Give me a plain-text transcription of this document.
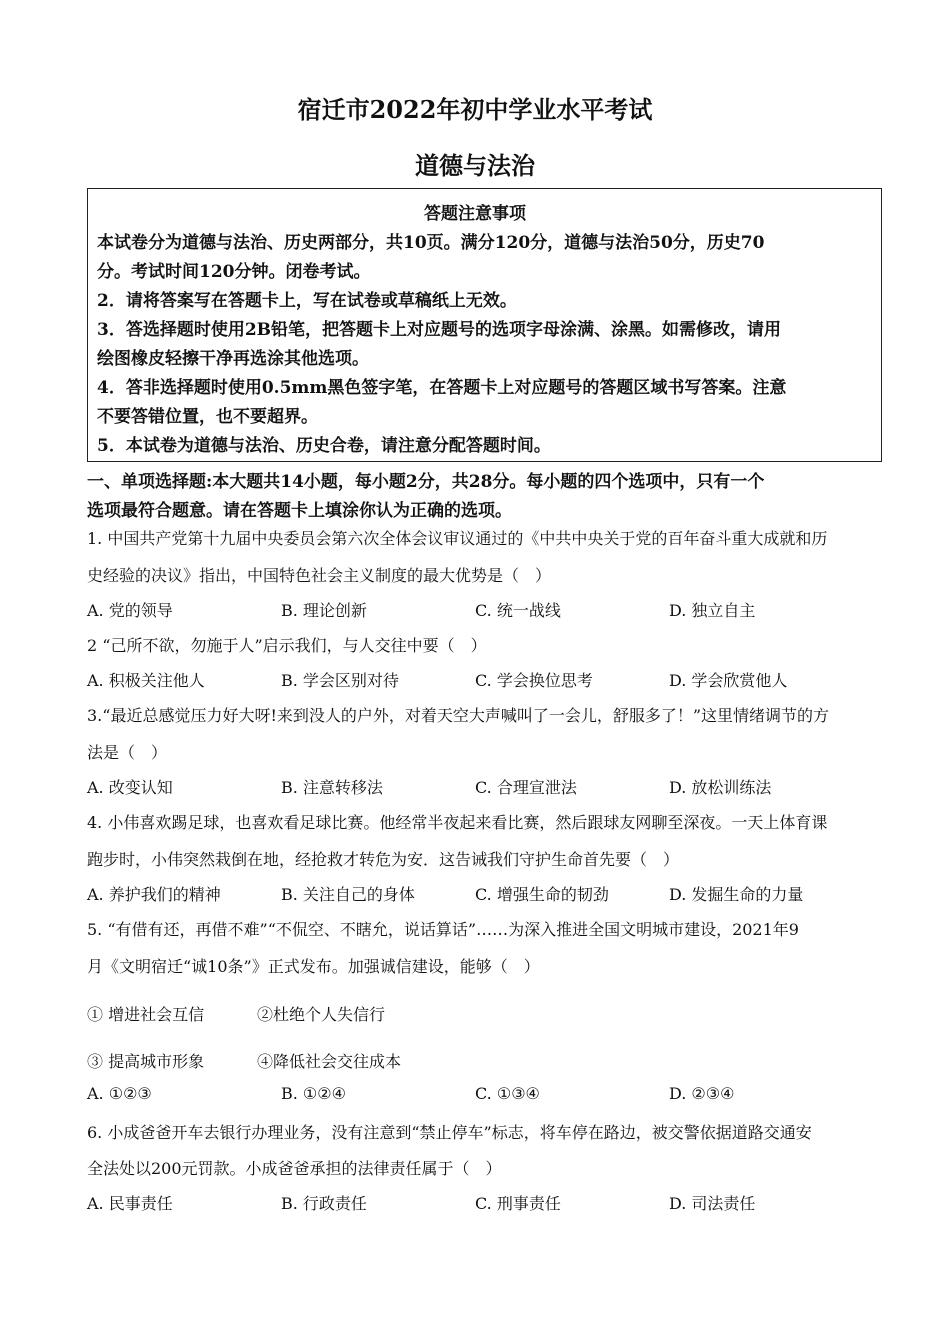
宿迁市2022年初中学业水平考试
道德与法治
答题注意事项
本试卷分为道德与法治、历史两部分，共10页。满分120分，道德与法治50分，历史70
分。考试时间120分钟。闭卷考试。
2．请将答案写在答题卡上，写在试卷或草稿纸上无效。
3．答选择题时使用2B铅笔，把答题卡上对应题号的选项字母涂满、涂黑。如需修改，请用
绘图橡皮轻擦干净再选涂其他选项。
4．答非选择题时使用0.5mm黑色签字笔，在答题卡上对应题号的答题区域书写答案。注意
不要答错位置，也不要超界。
5．本试卷为道德与法治、历史合卷，请注意分配答题时间。
一、单项选择题:本大题共14小题，每小题2分，共28分。每小题的四个选项中，只有一个
选项最符合题意。请在答题卡上填涂你认为正确的选项。
1. 中国共产党第十九届中央委员会第六次全体会议审议通过的《中共中央关于党的百年奋斗重大成就和历
史经验的决议》指出，中国特色社会主义制度的最大优势是（　）
A. 党的领导	B. 理论创新	C. 统一战线	D. 独立自主
2 “己所不欲，勿施于人”启示我们，与人交往中要（　）
A. 积极关注他人	B. 学会区别对待	C. 学会换位思考	D. 学会欣赏他人
3.“最近总感觉压力好大呀!来到没人的户外，对着天空大声喊叫了一会儿，舒服多了！”这里情绪调节的方
法是（　）
A. 改变认知	B. 注意转移法	C. 合理宣泄法	D. 放松训练法
4. 小伟喜欢踢足球，也喜欢看足球比赛。他经常半夜起来看比赛，然后跟球友网聊至深夜。一天上体育课
跑步时，小伟突然栽倒在地，经抢救才转危为安．这告诫我们守护生命首先要（　）
A. 养护我们的精神	B. 关注自己的身体	C. 增强生命的韧劲	D. 发掘生命的力量
5. “有借有还，再借不难”“不侃空、不瞎允，说话算话”……为深入推进全国文明城市建设，2021年9
月《文明宿迁“诚10条”》正式发布。加强诚信建设，能够（　）
① 增进社会互信	②杜绝个人失信行
③ 提高城市形象	④降低社会交往成本
A. ①②③	B. ①②④	C. ①③④	D. ②③④
6. 小成爸爸开车去银行办理业务，没有注意到“禁止停车”标志，将车停在路边，被交警依据道路交通安
全法处以200元罚款。小成爸爸承担的法律责任属于（　）
A. 民事责任	B. 行政责任	C. 刑事责任	D. 司法责任
